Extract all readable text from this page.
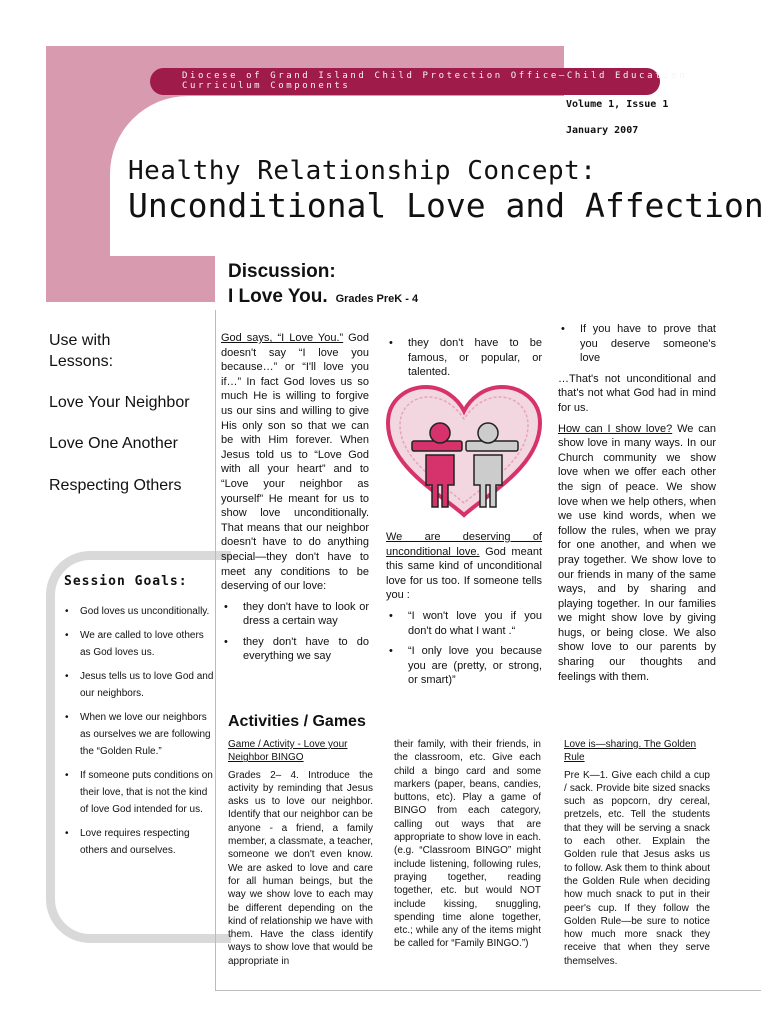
Diocese of Grand Island Child Protection Office—Child Education
Curriculum Components
Volume 1, Issue 1
January 2007
Healthy Relationship Concept:
Unconditional Love and Affection
Discussion:
I Love You. Grades PreK - 4
Use with
Lessons:
Love Your Neighbor
Love One Another
Respecting Others
Session Goals:
• God loves us unconditionally.
• We are called to love others as God loves us.
• Jesus tells us to love God and our neighbors.
• When we love our neighbors as ourselves we are following the “Golden Rule.”
• If someone puts conditions on their love, that is not the kind of love God intended for us.
• Love requires respecting others and ourselves.

God says, “I Love You.” God doesn't say “I love you because…” or “I'll love you if…” In fact God loves us so much He is willing to forgive us our sins and willing to give His only son so that we can be with Him forever. When Jesus told us to “Love God with all your heart” and to “Love your neighbor as yourself” He meant for us to show love unconditionally. That means that our neighbor doesn't have to do anything special—they don't have to meet any conditions to be deserving of our love:

• they don't have to look or dress a certain way
• they don't have to do everything we say
• they don't have to be famous, or popular, or talented.

We are deserving of unconditional love. God meant this same kind of unconditional love for us too. If someone tells you :

• “I won't love you if you don't do what I want .“
• “I only love you because you are (pretty, or strong, or smart)”
• If you have to prove that you deserve someone's love

…That's not unconditional and that's not what God had in mind for us.

How can I show love? We can show love in many ways. In our Church community we show love when we offer each other the sign of peace. We show love when we help others, when we use kind words, when we follow the rules, when we pray for one another, and when we pray together. We show love to our friends in many of the same ways, and by sharing and playing together. In our families we might show love by giving hugs, or being close. We also show love to our parents by sharing our thoughts and feelings with them.

Activities / Games

Game / Activity - Love your Neighbor BINGO

Grades 2– 4. Introduce the activity by reminding that Jesus asks us to love our neighbor. Identify that our neighbor can be anyone - a friend, a family member, a classmate, a teacher, someone we don't even know. We are asked to love and care for all human beings, but the way we show love to each may be different depending on the kind of relationship we have with them. Have the class identify ways to show love that would be appropriate in

their family, with their friends, in the classroom, etc. Give each child a bingo card and some markers (paper, beans, candies, buttons, etc). Play a game of BINGO from each category, calling out ways that are appropriate to show love in each. (e.g. “Classroom BINGO” might include listening, following rules, praying together, reading together, etc. but would NOT include kissing, snuggling, spending time alone together, etc.; while any of the items might be called for “Family BINGO.”)

Love is—sharing. The Golden Rule

Pre K—1. Give each child a cup / sack. Provide bite sized snacks such as popcorn, dry cereal, pretzels, etc. Tell the students that they will be serving a snack to each other. Explain the Golden rule that Jesus asks us to follow. Ask them to think about the Golden Rule when deciding how much snack to put in their peer's cup. If they follow the Golden Rule—be sure to notice how much more snack they receive that when they serve themselves.
